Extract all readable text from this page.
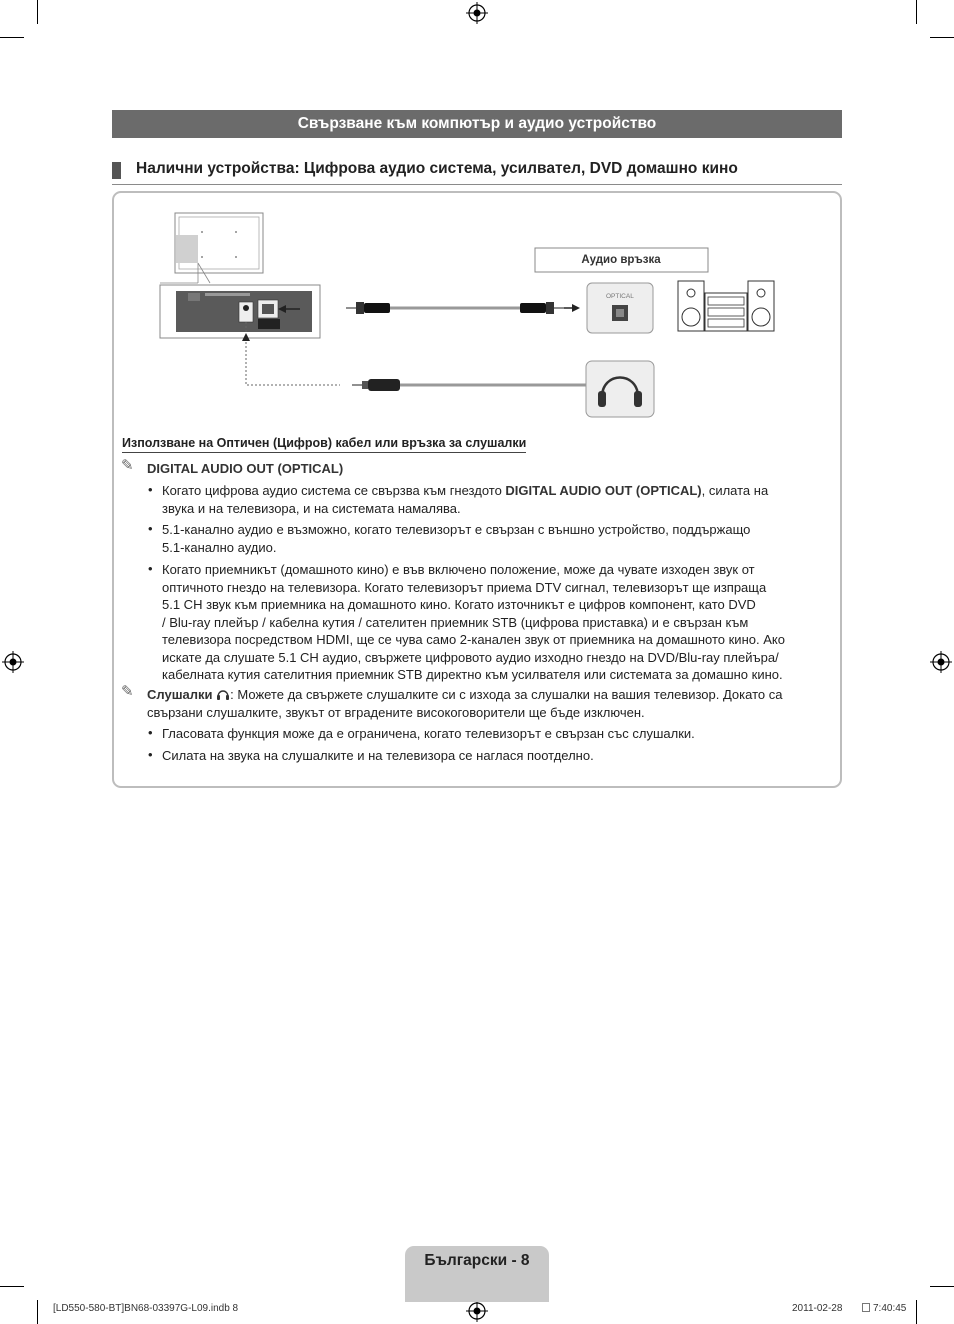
Свързване към компютър и аудио устройство
Налични устройства: Цифрова аудио система, усилвател, DVD домашно кино
Аудио връзка
OPTICAL
Използване на Оптичен (Цифров) кабел или връзка за слушалки
✎ DIGITAL AUDIO OUT (OPTICAL)
• Когато цифрова аудио система се свързва към гнездото DIGITAL AUDIO OUT (OPTICAL), силата на
звука и на телевизора, и на системата намалява.
• 5.1-канално аудио е възможно, когато телевизорът е свързан с външно устройство, поддържащо
5.1-канално аудио.
• Когато приемникът (домашното кино) е във включено положение, може да чувате изходен звук от
оптичното гнездо на телевизора. Когато телевизорът приема DTV сигнал, телевизорът ще изпраща
5.1 CH звук към приемника на домашното кино. Когато източникът е цифров компонент, като DVD
/ Blu-ray плейър / кабелна кутия / сателитен приемник STB (цифрова приставка) и е свързан към
телевизора посредством HDMI, ще се чува само 2-канален звук от приемника на домашното кино. Ако
искате да слушате 5.1 CH аудио, свържете цифровото аудио изходно гнездо на DVD/Blu-ray плейъра/
кабелната кутия сателитния приемник STB директно към усилвателя или системата за домашно кино.
✎ Слушалки : Можете да свържете слушалките си с изхода за слушалки на вашия телевизор. Докато са
свързани слушалките, звукът от вградените високоговорители ще бъде изключен.
• Гласовата функция може да е ограничена, когато телевизорът е свързан със слушалки.
• Силата на звука на слушалките и на телевизора се наглася поотделно.
Български - 8
[LD550-580-BT]BN68-03397G-L09.indb 8	2011-02-28	7:40:45
